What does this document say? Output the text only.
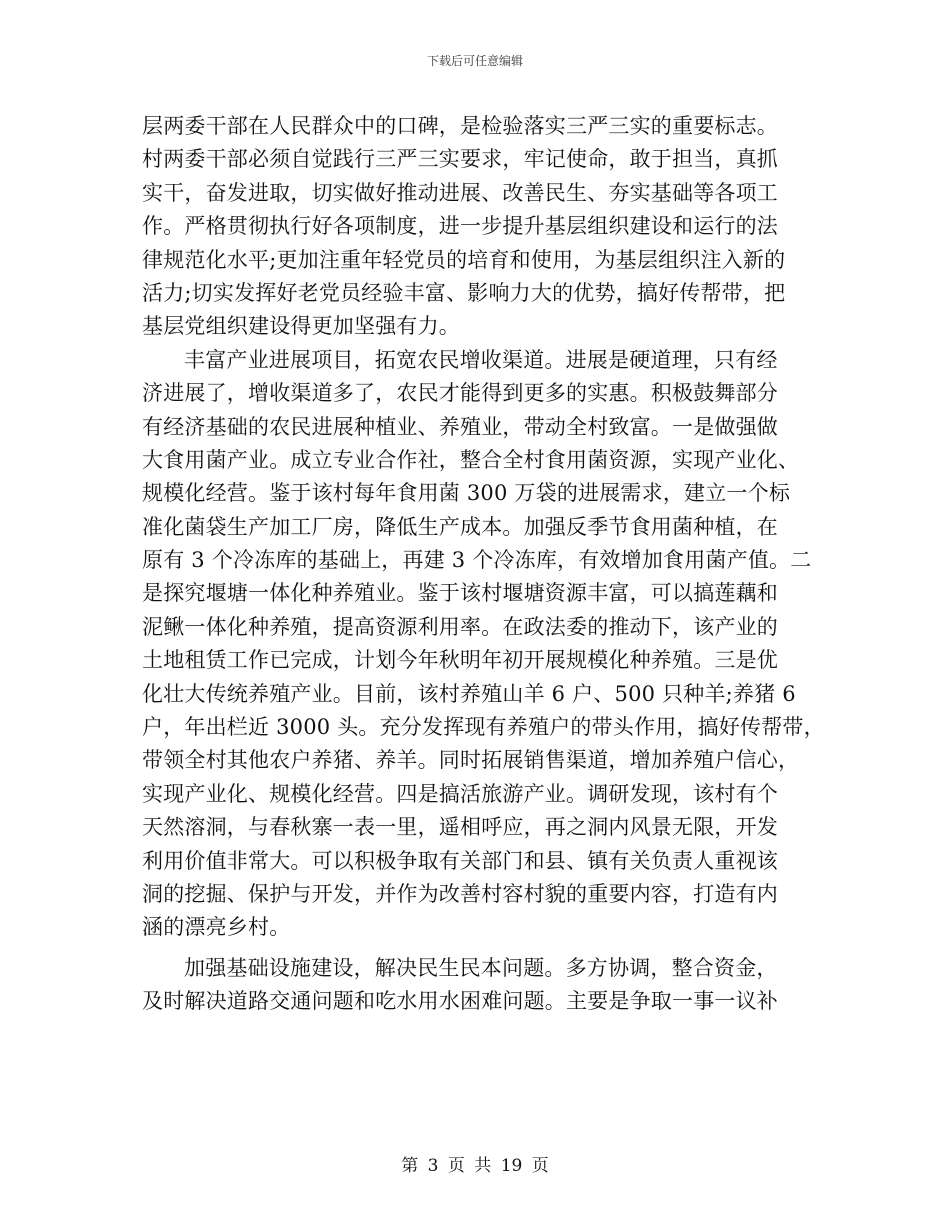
下载后可任意编辑
层两委干部在人民群众中的口碑，是检验落实三严三实的重要标志。
村两委干部必须自觉践行三严三实要求，牢记使命，敢于担当，真抓
实干，奋发进取，切实做好推动进展、改善民生、夯实基础等各项工
作。严格贯彻执行好各项制度，进一步提升基层组织建设和运行的法
律规范化水平;更加注重年轻党员的培育和使用，为基层组织注入新的
活力;切实发挥好老党员经验丰富、影响力大的优势，搞好传帮带，把
基层党组织建设得更加坚强有力。
丰富产业进展项目，拓宽农民增收渠道。进展是硬道理，只有经
济进展了，增收渠道多了，农民才能得到更多的实惠。积极鼓舞部分
有经济基础的农民进展种植业、养殖业，带动全村致富。一是做强做
大食用菌产业。成立专业合作社，整合全村食用菌资源，实现产业化、
规模化经营。鉴于该村每年食用菌 300 万袋的进展需求，建立一个标
准化菌袋生产加工厂房，降低生产成本。加强反季节食用菌种植，在
原有 3 个冷冻库的基础上，再建 3 个冷冻库，有效增加食用菌产值。二
是探究堰塘一体化种养殖业。鉴于该村堰塘资源丰富，可以搞莲藕和
泥鳅一体化种养殖，提高资源利用率。在政法委的推动下，该产业的
土地租赁工作已完成，计划今年秋明年初开展规模化种养殖。三是优
化壮大传统养殖产业。目前，该村养殖山羊 6 户、500 只种羊;养猪 6
户，年出栏近 3000 头。充分发挥现有养殖户的带头作用，搞好传帮带，
带领全村其他农户养猪、养羊。同时拓展销售渠道，增加养殖户信心，
实现产业化、规模化经营。四是搞活旅游产业。调研发现，该村有个
天然溶洞，与春秋寨一表一里，遥相呼应，再之洞内风景无限，开发
利用价值非常大。可以积极争取有关部门和县、镇有关负责人重视该
洞的挖掘、保护与开发，并作为改善村容村貌的重要内容，打造有内
涵的漂亮乡村。
加强基础设施建设，解决民生民本问题。多方协调，整合资金，
及时解决道路交通问题和吃水用水困难问题。主要是争取一事一议补
第 3 页 共 19 页
